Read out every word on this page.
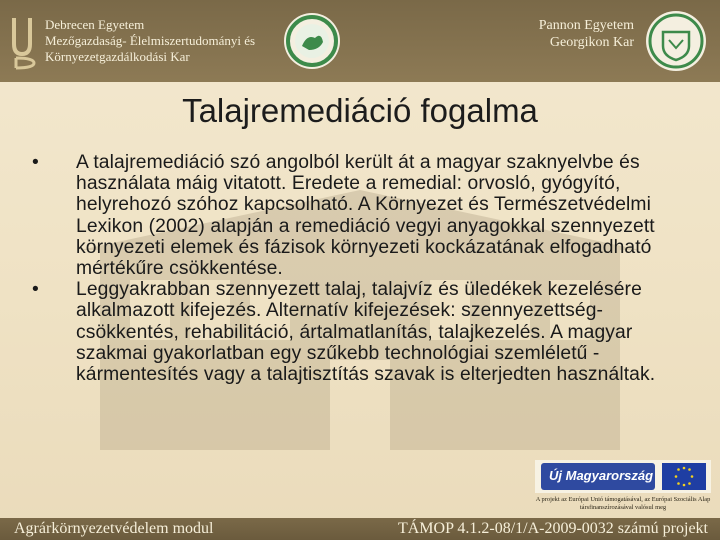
Debrecen Egyetem
Mezőgazdaság- Élelmiszertudományi és
Környezetgazdálkodási Kar
Pannon Egyetem
Georgikon Kar
Talajremediáció fogalma
•	A talajremediáció szó angolból került át a magyar szaknyelvbe és használata máig vitatott. Eredete a remedial: orvosló, gyógyító, helyrehozó szóhoz kapcsolható. A Környezet és Természetvédelmi Lexikon (2002) alapján a remediáció vegyi anyagokkal szennyezett környezeti elemek és fázisok környezeti kockázatának elfogadható mértékűre csökkentése.
•	Leggyakrabban szennyezett talaj, talajvíz és üledékek kezelésére alkalmazott kifejezés. Alternatív kifejezések: szennyezettség-csökkentés, rehabilitáció, ártalmatlanítás, talajkezelés. A magyar szakmai gyakorlatban egy szűkebb technológiai szemléletű - kármentesítés vagy a talajtisztítás szavak is elterjedten használtak.
Új Magyarország
A projekt az Európai Unió támogatásával, az Európai Szociális Alap társfinanszírozásával valósul meg
Agrárkörnyezetvédelem modul	TÁMOP 4.1.2-08/1/A-2009-0032 számú projekt
